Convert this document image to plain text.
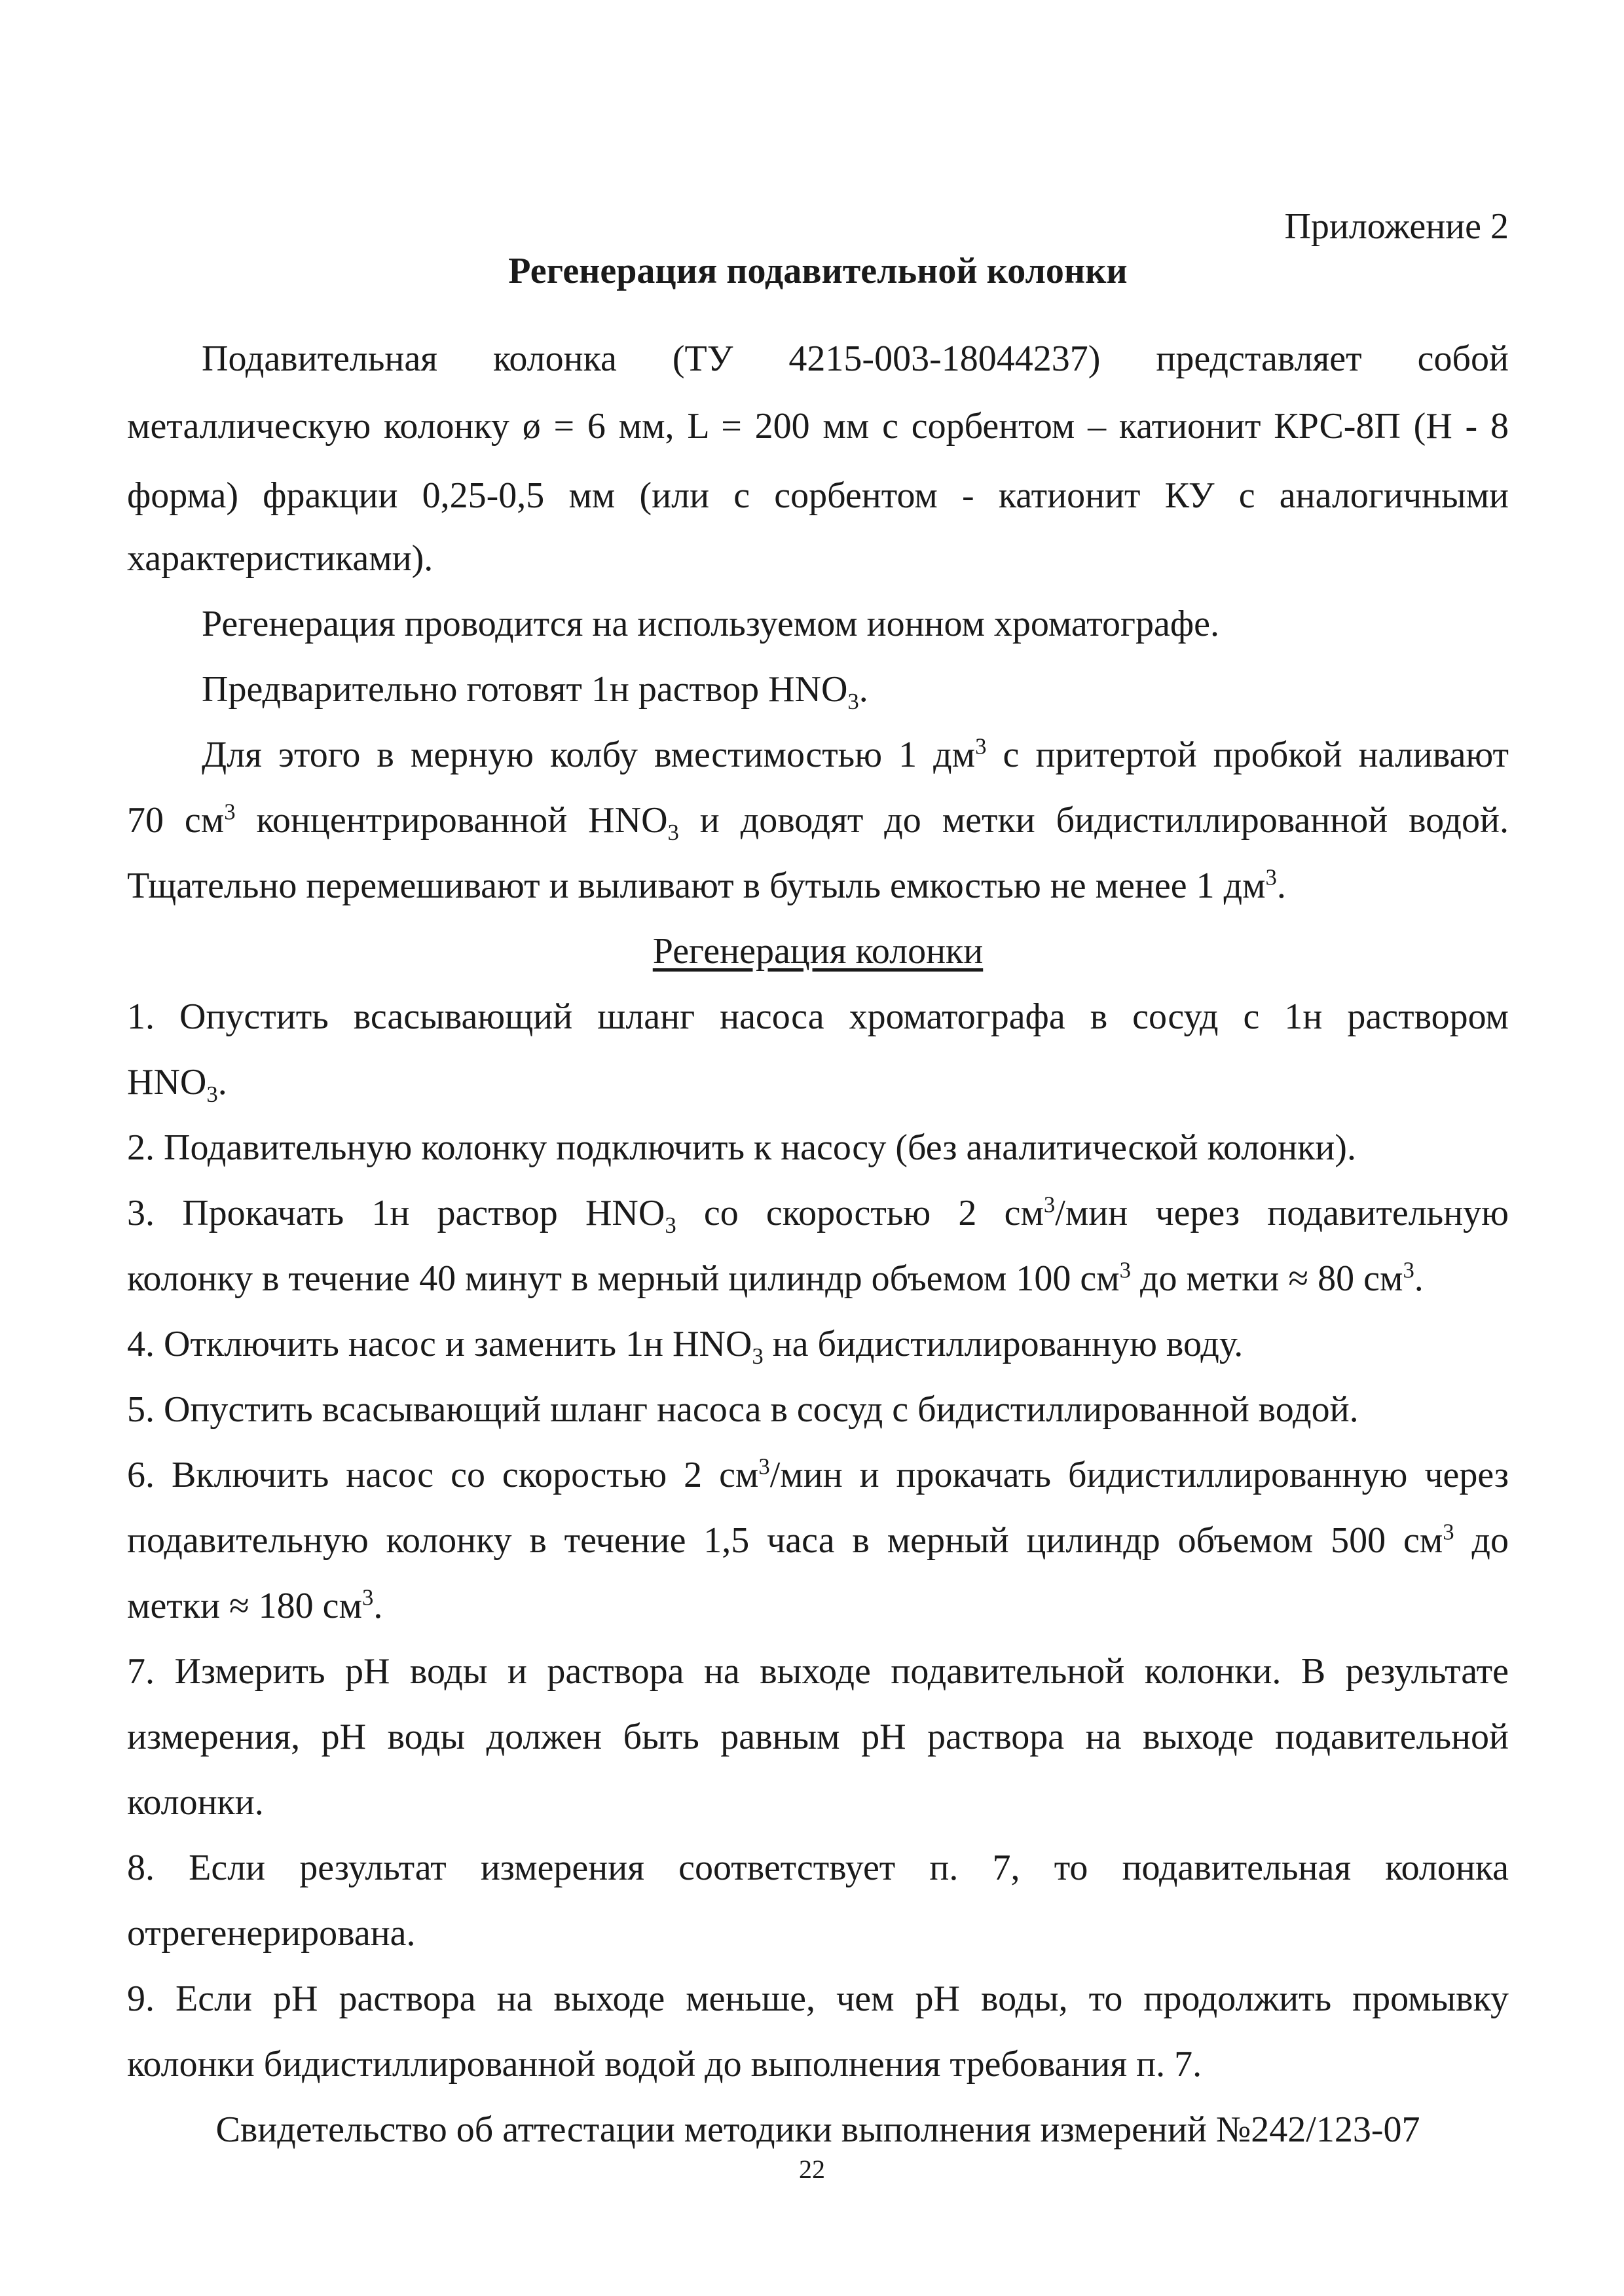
Приложение 2
Регенерация подавительной колонки
Подавительная колонка (ТУ 4215-003-18044237) представляет собой
металлическую колонку ø = 6 мм, L = 200 мм с сорбентом – катионит КРС-8П (Н - 8
форма) фракции 0,25-0,5 мм (или с сорбентом - катионит КУ с аналогичными
характеристиками).
Регенерация проводится на используемом ионном хроматографе.
Предварительно готовят 1н раствор $HNO_3$.
Для этого в мерную колбу вместимостью 1 $дм^3$ с притертой пробкой наливают
70 $см^3$ концентрированной $HNO_3$ и доводят до метки бидистиллированной водой.
Тщательно перемешивают и выливают в бутыль емкостью не менее 1 $дм^3$.
Регенерация колонки
1. Опустить всасывающий шланг насоса хроматографа в сосуд с 1н раствором
$HNO_3$.
2. Подавительную колонку подключить к насосу (без аналитической колонки).
3. Прокачать 1н раствор $HNO_3$ со скоростью 2 $см^3$/мин через подавительную
колонку в течение 40 минут в мерный цилиндр объемом 100 $см^3$ до метки ≈ 80 $см^3$.
4. Отключить насос и заменить 1н $HNO_3$ на бидистиллированную воду.
5. Опустить всасывающий шланг насоса в сосуд с бидистиллированной водой.
6. Включить насос со скоростью 2 $см^3$/мин и прокачать бидистиллированную через
подавительную колонку в течение 1,5 часа в мерный цилиндр объемом 500 $см^3$ до
метки ≈ 180 $см^3$.
7. Измерить pH воды и раствора на выходе подавительной колонки. В результате
измерения, pH воды должен быть равным pH раствора на выходе подавительной
колонки.
8. Если результат измерения соответствует п. 7, то подавительная колонка
отрегенерирована.
9. Если pH раствора на выходе меньше, чем pH воды, то продолжить промывку
колонки бидистиллированной водой до выполнения требования п. 7.
Свидетельство об аттестации методики выполнения измерений №242/123-07
22
